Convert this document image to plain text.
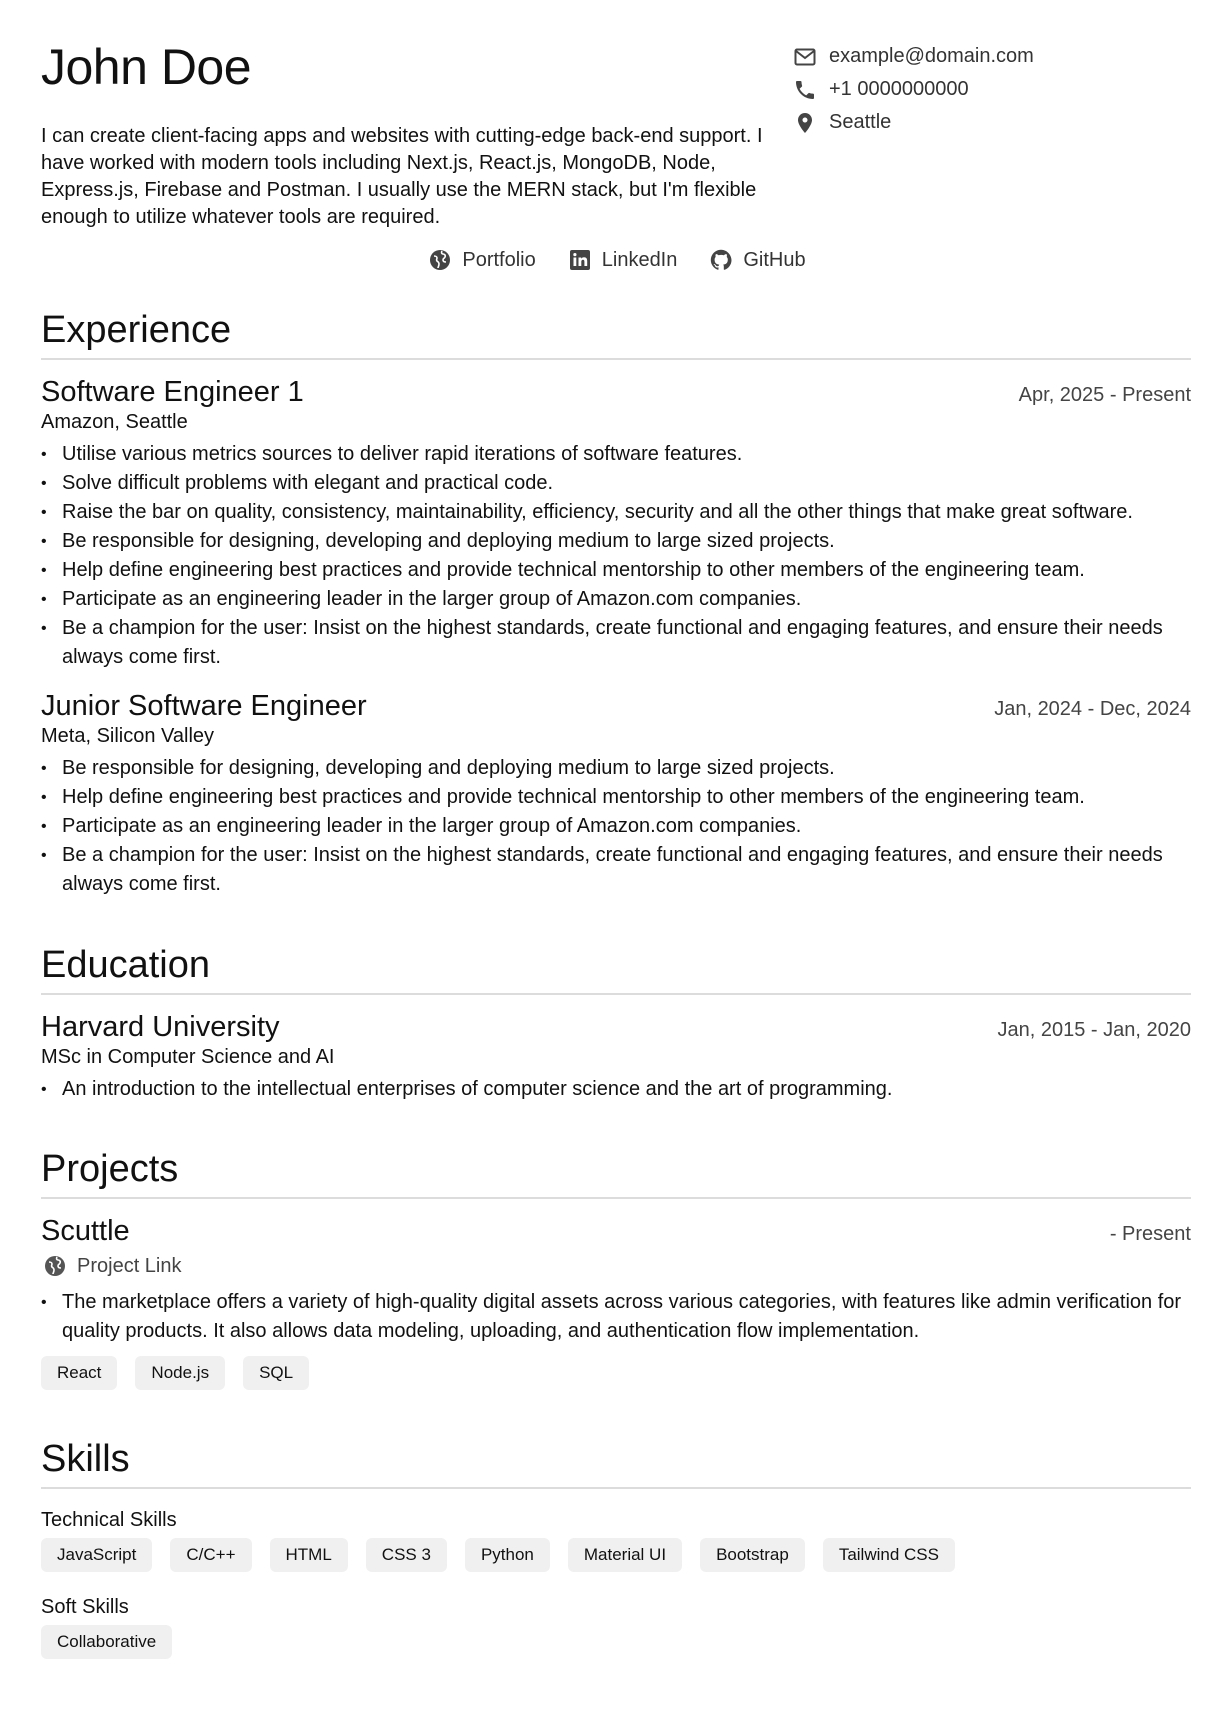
John Doe

I can create client-facing apps and websites with cutting-edge back-end support. I have worked with modern tools including Next.js, React.js, MongoDB, Node, Express.js, Firebase and Postman. I usually use the MERN stack, but I'm flexible enough to utilize whatever tools are required.

example@domain.com
+1 0000000000
Seattle
Portfolio	LinkedIn	GitHub
Experience
Software Engineer 1	Apr, 2025 - Present
Amazon, Seattle
• Utilise various metrics sources to deliver rapid iterations of software features.
• Solve difficult problems with elegant and practical code.
• Raise the bar on quality, consistency, maintainability, efficiency, security and all the other things that make great software.
• Be responsible for designing, developing and deploying medium to large sized projects.
• Help define engineering best practices and provide technical mentorship to other members of the engineering team.
• Participate as an engineering leader in the larger group of Amazon.com companies.
• Be a champion for the user: Insist on the highest standards, create functional and engaging features, and ensure their needs always come first.
Junior Software Engineer	Jan, 2024 - Dec, 2024
Meta, Silicon Valley
• Be responsible for designing, developing and deploying medium to large sized projects.
• Help define engineering best practices and provide technical mentorship to other members of the engineering team.
• Participate as an engineering leader in the larger group of Amazon.com companies.
• Be a champion for the user: Insist on the highest standards, create functional and engaging features, and ensure their needs always come first.
Education
Harvard University	Jan, 2015 - Jan, 2020
MSc in Computer Science and AI
• An introduction to the intellectual enterprises of computer science and the art of programming.
Projects
Scuttle	- Present
Project Link
• The marketplace offers a variety of high-quality digital assets across various categories, with features like admin verification for quality products. It also allows data modeling, uploading, and authentication flow implementation.
React	Node.js	SQL
Skills
Technical Skills
JavaScript	C/C++	HTML	CSS 3	Python	Material UI	Bootstrap	Tailwind CSS
Soft Skills
Collaborative
